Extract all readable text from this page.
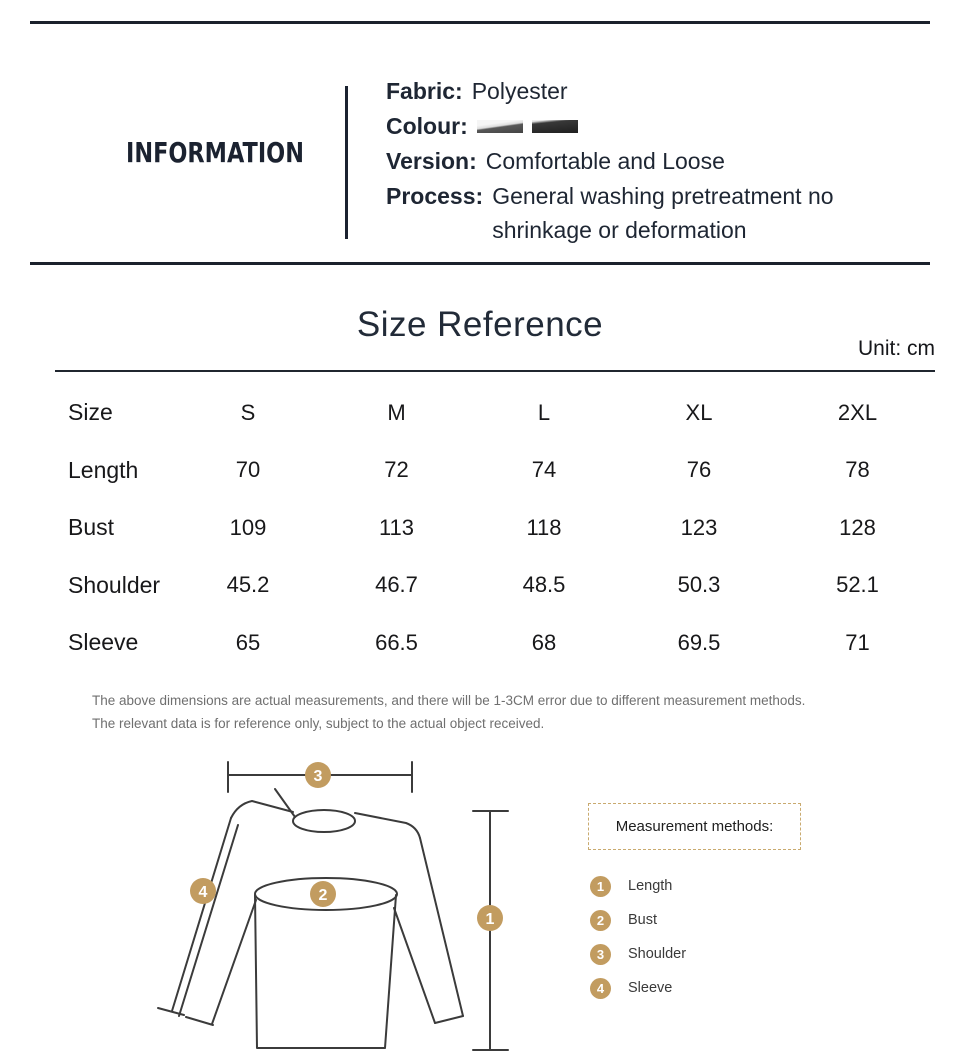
INFORMATION
Fabric : Polyester
Colour :
Version : Comfortable and Loose
Process : General washing pretreatment no shrinkage or deformation
Size Reference
Unit: cm
Size	S	M	L	XL	2XL
Length	70	72	74	76	78
Bust	109	113	118	123	128
Shoulder	45.2	46.7	48.5	50.3	52.1
Sleeve	65	66.5	68	69.5	71
The above dimensions are actual measurements, and there will be 1-3CM error due to different measurement methods.
The relevant data is for reference only, subject to the actual object received.
3
2
4
1
Measurement methods:
1	Length
2	Bust
3	Shoulder
4	Sleeve
